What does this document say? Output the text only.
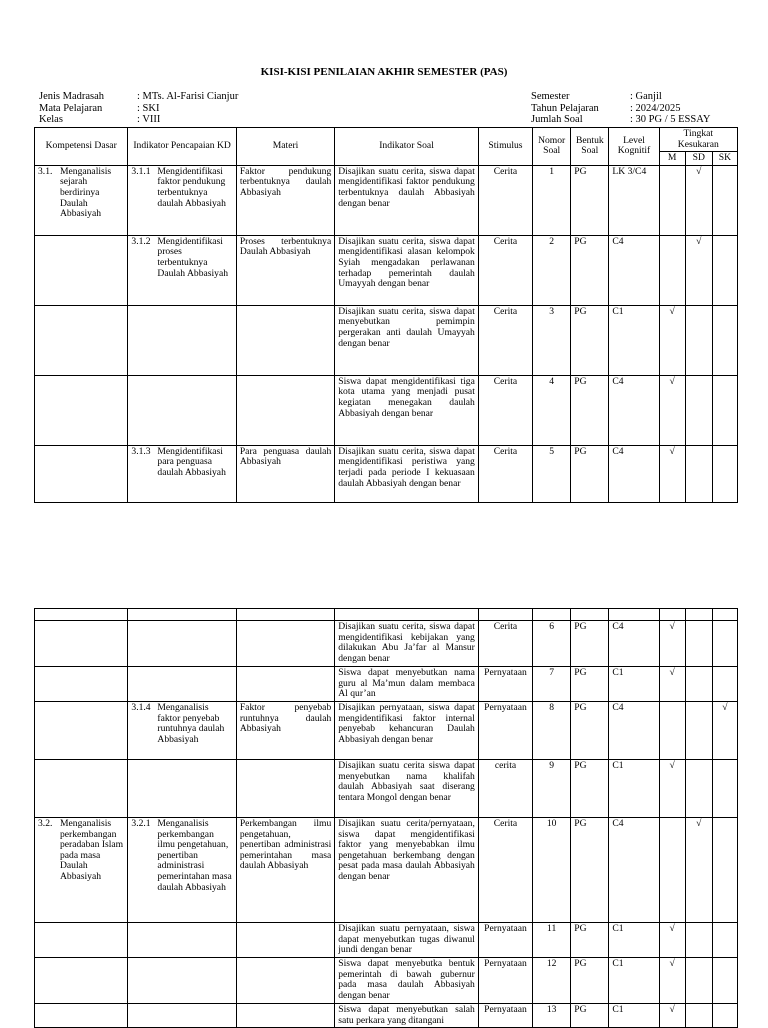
KISI-KISI PENILAIAN AKHIR SEMESTER (PAS)
Jenis Madrasah	: MTs. Al-Farisi Cianjur
Mata Pelajaran	: SKI
Kelas	: VIII
Semester	: Ganjil
Tahun Pelajaran	: 2024/2025
Jumlah Soal	: 30 PG / 5 ESSAY
Kompetensi Dasar	Indikator Pencapaian KD	Materi	Indikator Soal	Stimulus	Nomor Soal	Bentuk Soal	Level Kognitif	Tingkat Kesukaran		
								M	SD	SK

3.1. Menganalisis sejarah berdirinya Daulah Abbasiyah	3.1.1 Mengidentifikasi faktor pendukung terbentuknya daulah Abbasiyah	Faktor pendukung terbentuknya daulah Abbasiyah	Disajikan suatu cerita, siswa dapat mengidentifikasi faktor pendukung terbentuknya daulah Abbasiyah dengan benar	Cerita	1	PG	LK 3/C4		√	

	3.1.2 Mengidentifikasi proses terbentuknya Daulah Abbasiyah	Proses terbentuknya Daulah Abbasiyah	Disajikan suatu cerita, siswa dapat mengidentifikasi alasan kelompok Syiah mengadakan perlawanan terhadap pemerintah daulah Umayyah dengan benar	Cerita	2	PG	C4		√	

		Disajikan suatu cerita, siswa dapat menyebutkan pemimpin pergerakan anti daulah Umayyah dengan benar	Cerita	3	PG	C1	√		

		Siswa dapat mengidentifikasi tiga kota utama yang menjadi pusat kegiatan menegakan daulah Abbasiyah dengan benar	Cerita	4	PG	C4	√		

	3.1.3 Mengidentifikasi para penguasa daulah Abbasiyah	Para penguasa daulah Abbasiyah	Disajikan suatu cerita, siswa dapat mengidentifikasi peristiwa yang terjadi pada periode I kekuasaan daulah Abbasiyah dengan benar	Cerita	5	PG	C4	√		

		Disajikan suatu cerita, siswa dapat mengidentifikasi kebijakan yang dilakukan Abu Ja’far al Mansur dengan benar	Cerita	6	PG	C4	√		

		Siswa dapat menyebutkan nama guru al Ma’mun dalam membaca Al qur’an	Pernyataan	7	PG	C1	√		

	3.1.4 Menganalisis faktor penyebab runtuhnya daulah Abbasiyah	Faktor penyebab runtuhnya daulah Abbasiyah	Disajikan pernyataan, siswa dapat mengidentifikasi faktor internal penyebab kehancuran Daulah Abbasiyah dengan benar	Pernyataan	8	PG	C4			√

		Disajikan suatu cerita siswa dapat menyebutkan nama khalifah daulah Abbasiyah saat diserang tentara Mongol dengan benar	cerita	9	PG	C1	√		

3.2. Menganalisis perkembangan peradaban Islam pada masa Daulah Abbasiyah	3.2.1 Menganalisis perkembangan ilmu pengetahuan, penertiban administrasi pemerintahan masa daulah Abbasiyah	Perkembangan ilmu pengetahuan, penertiban administrasi pemerintahan masa daulah Abbasiyah	Disajikan suatu cerita/pernyataan, siswa dapat mengidentifikasi faktor yang menyebabkan ilmu pengetahuan berkembang dengan pesat pada masa daulah Abbasiyah dengan benar	Cerita	10	PG	C4		√	

		Disajikan suatu pernyataan, siswa dapat menyebutkan tugas diwanul jundi dengan benar	Pernyataan	11	PG	C1	√		

		Siswa dapat menyebutka bentuk pemerintah di bawah gubernur pada masa daulah Abbasiyah dengan benar	Pernyataan	12	PG	C1	√		

		Siswa dapat menyebutkan salah satu perkara yang ditangani	Pernyataan	13	PG	C1	√		
